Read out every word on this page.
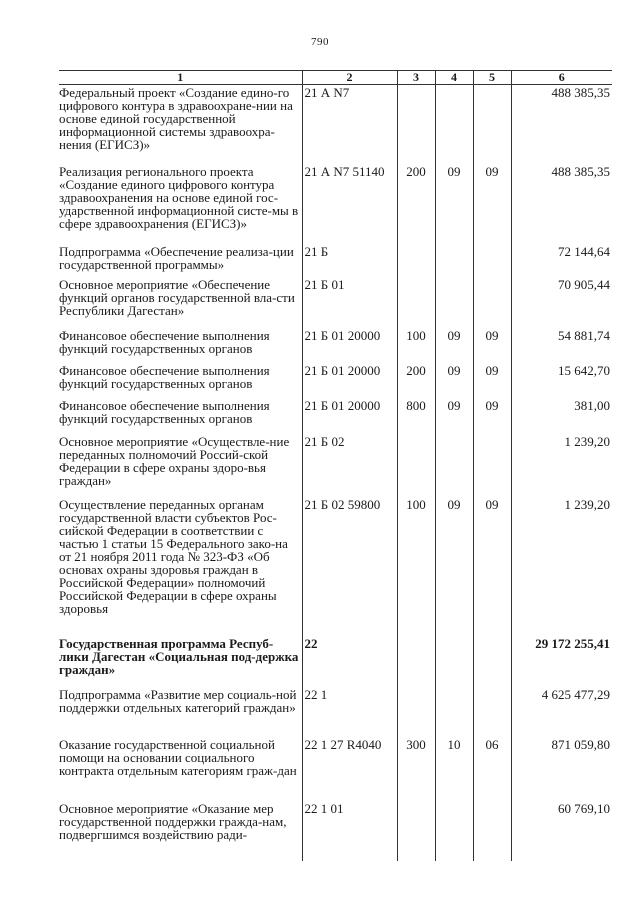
790
1	2	3	4	5	6
Федеральный проект «Создание едино-го цифрового контура в здравоохране-нии на основе единой государственной информационной системы здравоохра-нения (ЕГИСЗ)»	21 А N7				488 385,35
Реализация регионального проекта «Создание единого цифрового контура здравоохранения на основе единой гос-ударственной информационной систе-мы в сфере здравоохранения (ЕГИСЗ)»	21 А N7 51140	200	09	09	488 385,35
Подпрограмма «Обеспечение реализа-ции государственной программы»	21 Б				72 144,64
Основное мероприятие «Обеспечение функций органов государственной вла-сти Республики Дагестан»	21 Б 01				70 905,44
Финансовое обеспечение выполнения функций государственных органов	21 Б 01 20000	100	09	09	54 881,74
Финансовое обеспечение выполнения функций государственных органов	21 Б 01 20000	200	09	09	15 642,70
Финансовое обеспечение выполнения функций государственных органов	21 Б 01 20000	800	09	09	381,00
Основное мероприятие «Осуществле-ние переданных полномочий Россий-ской Федерации в сфере охраны здоро-вья граждан»	21 Б 02				1 239,20
Осуществление переданных органам государственной власти субъектов Рос-сийской Федерации в соответствии с частью 1 статьи 15 Федерального зако-на от 21 ноября 2011 года № 323-ФЗ «Об основах охраны здоровья граждан в Российской Федерации» полномочий Российской Федерации в сфере охраны здоровья	21 Б 02 59800	100	09	09	1 239,20
Государственная программа Респуб-лики Дагестан «Социальная под-держка граждан»	22				29 172 255,41
Подпрограмма «Развитие мер социаль-ной поддержки отдельных категорий граждан»	22 1				4 625 477,29
Оказание государственной социальной помощи на основании социального контракта отдельным категориям граж-дан	22 1 27 R4040	300	10	06	871 059,80
Основное мероприятие «Оказание мер государственной поддержки гражда-нам, подвергшимся воздействию ради-	22 1 01				60 769,10
